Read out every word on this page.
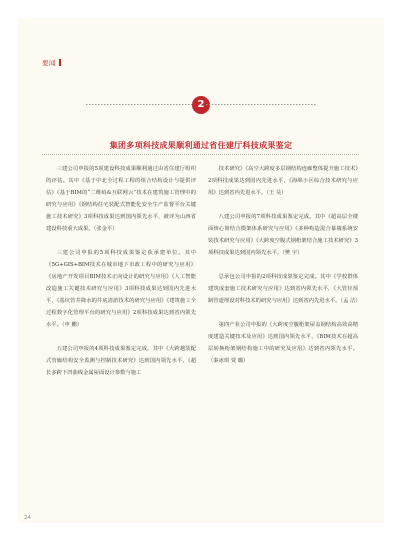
要闻
2
集团多项科技成果顺利通过省住建厅科技成果鉴定

三建公司申报的5项建设科技成果顺利通过由省住建厅组织的评估。其中《基于中北全过程工程的组合结构设计与提供评估》《基于BIM的“二维码&互联网云”技术在建筑施工管理中的研究与应用》《钢结构住宅装配式智能化安全生产监督平台关键施工技术研究》3项科技成果达到国内领先水平，被评为山西省建设科技重大成果。（张金平）

三建公司申报的5项科技成果鉴定获承建单位。其中《5G+GIS+BIM技术在城市地下市政工程中的研究与应用》《房地产开发项目BIM技术正向设计的研究与应用》《人工智能改造施工关键技术研究与应用》3项科技成果达到国内先进水平，《基坑管井降水的井底清淤技术的研究与应用》《建筑施工全过程数字化管理平台的研究与应用》2项科技成果达到省内领先水平。（申 鹏）

五建公司申报的4项科技成果鉴定完成。其中《大跨越装配式管廊结构安全监测与控制技术研究》达到国内领先水平，《超长多跨下凹曲线金属屋面设计参数与施工

技术研究》《高空大跨度多层钢结构连廊整体提升施工技术》2项科技成果达到国内先进水平，《海绵小区综合技术研究与应用》达到省内先进水平。（王 昊）

八建公司申报的7项科技成果鉴定完成。其中《超高层全楼面核心筒结合模架体系研究与应用》《多种构造混合幕墙系统安装技术研究与应用》《大跨度空腹式钢桁架结合施工技术研究》3项科技成果达到国内领先水平。（樊 宇）

总承包公司申报的2项科技成果鉴定完成。其中《学校群体建筑成套施工技术研究与应用》达到省内领先水平，《大管径预制管道埋设对科技术的研究与应用》达到省内先进水平。（孟 洁）

第四产业公司申报的《大跨度空腹桁架屋盖钢结构高效高精度建造关键技术及应用》达到国内领先水平，《BIM技术在超高层转换桁架钢结构施工中的研究及应用》达到省内领先水平。（秦冰琪 贾 璐）

24
